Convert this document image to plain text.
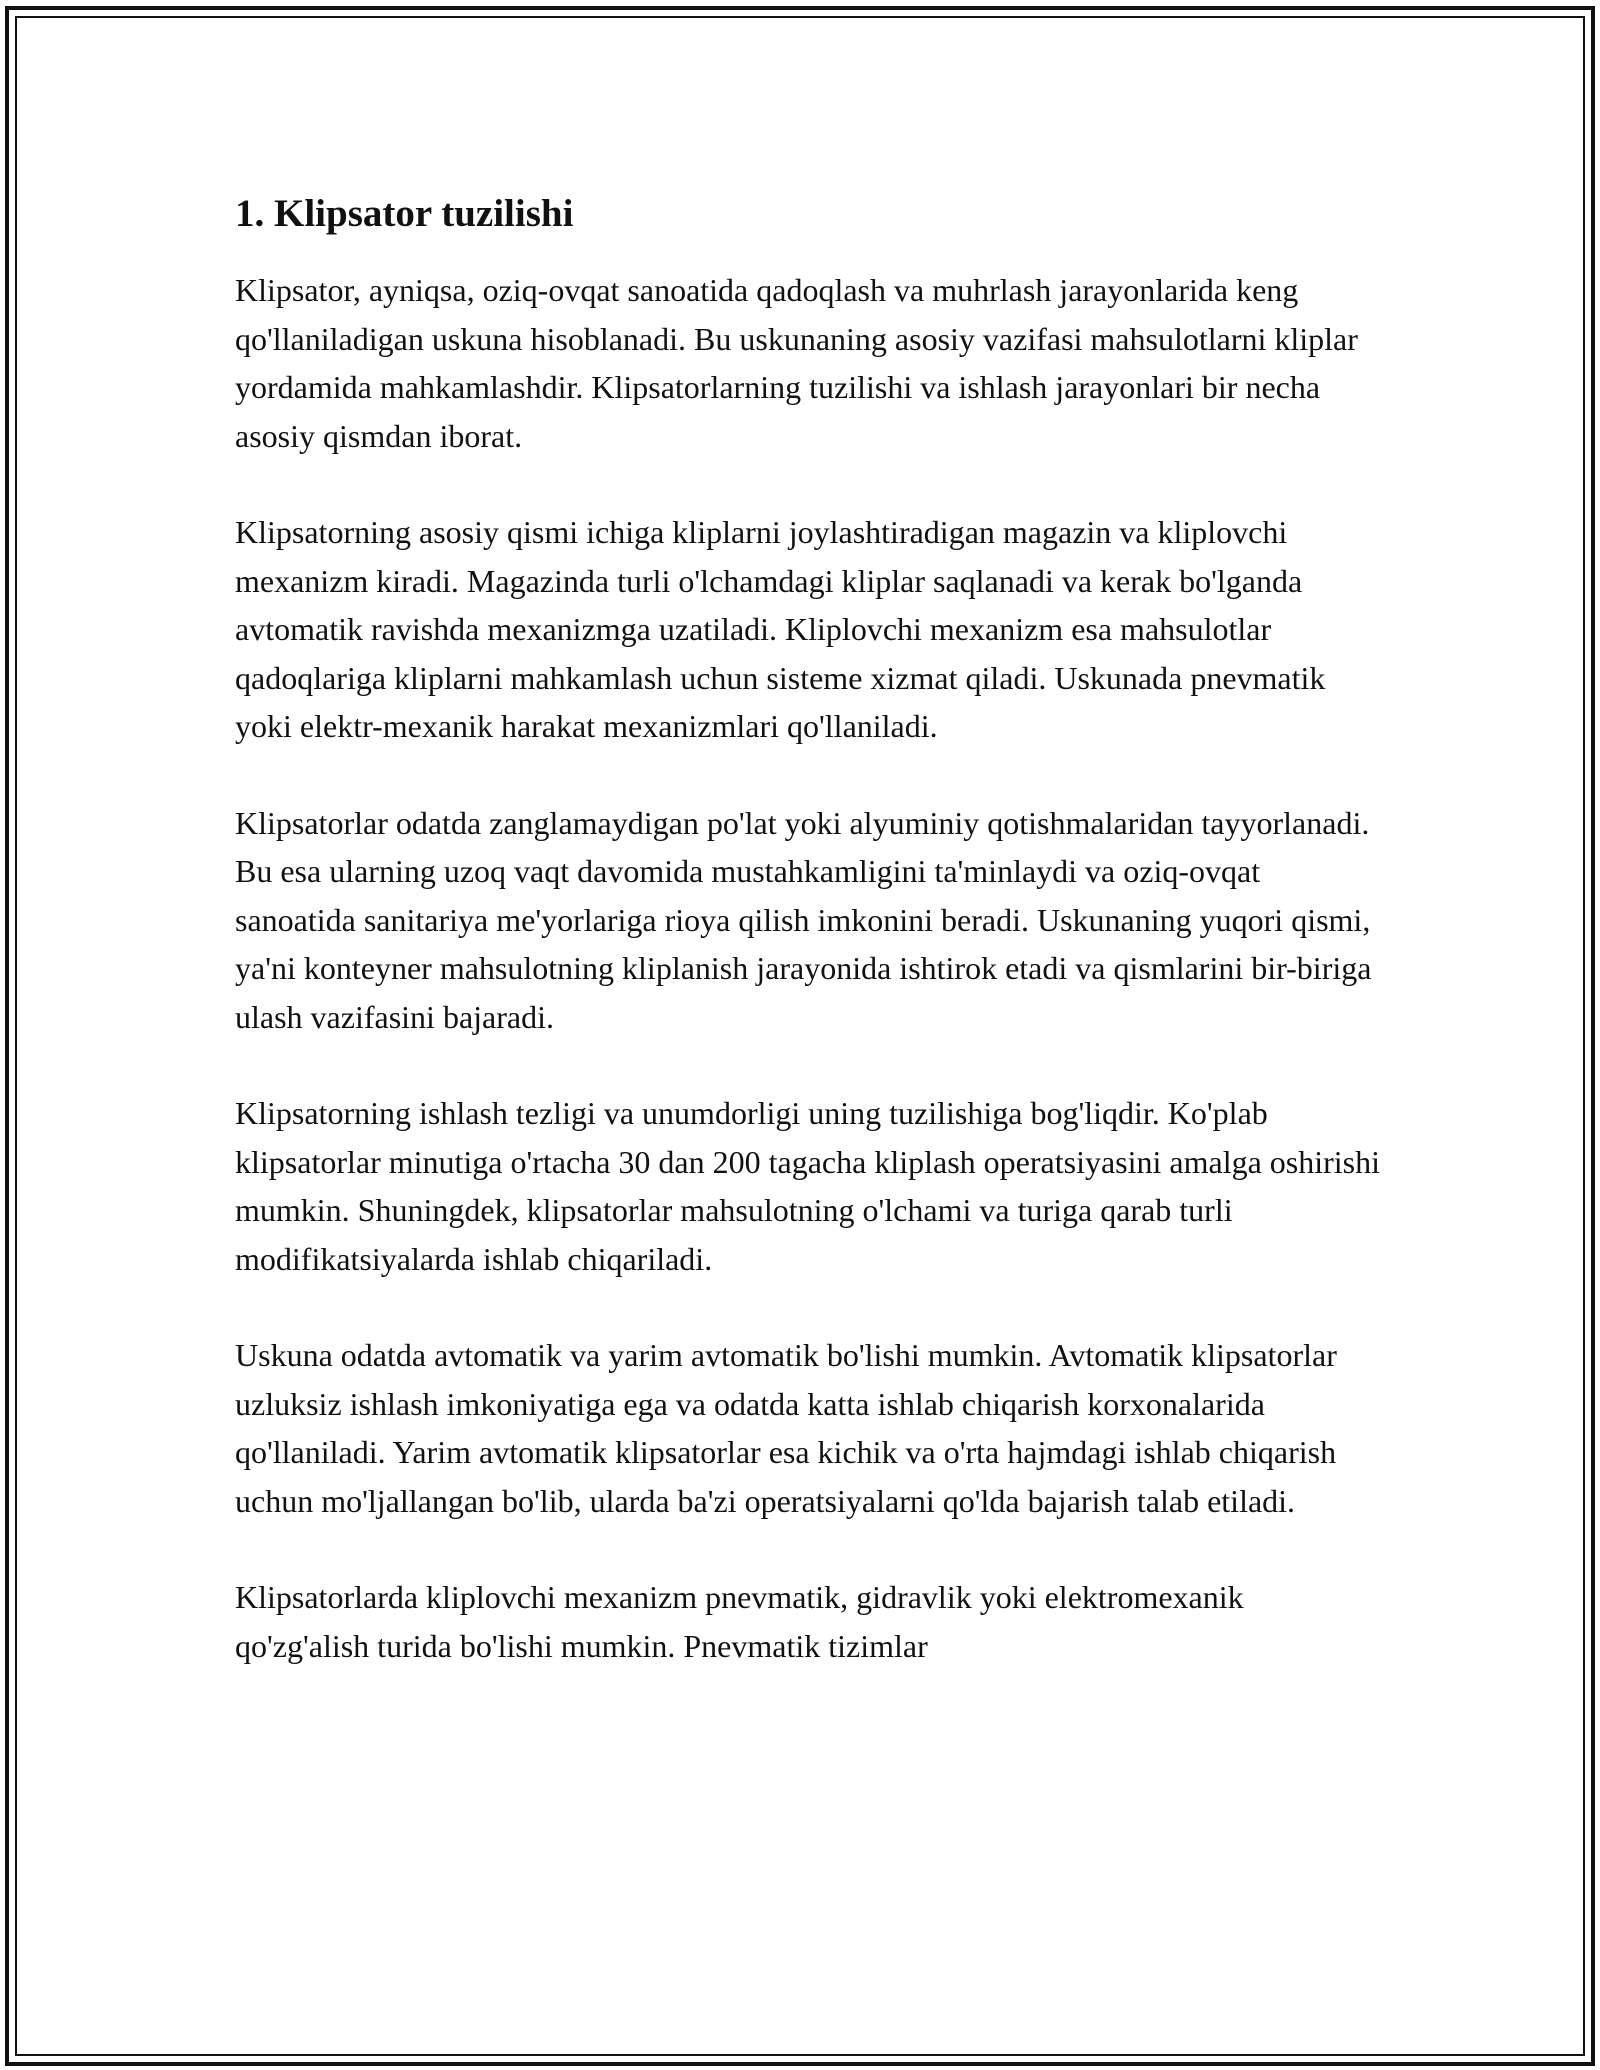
1. Klipsator tuzilishi

Klipsator, ayniqsa, oziq-ovqat sanoatida qadoqlash va muhrlash jarayonlarida keng qo'llaniladigan uskuna hisoblanadi. Bu uskunaning asosiy vazifasi mahsulotlarni kliplar yordamida mahkamlashdir. Klipsatorlarning tuzilishi va ishlash jarayonlari bir necha asosiy qismdan iborat.

Klipsatorning asosiy qismi ichiga kliplarni joylashtiradigan magazin va kliplovchi mexanizm kiradi. Magazinda turli o'lchamdagi kliplar saqlanadi va kerak bo'lganda avtomatik ravishda mexanizmga uzatiladi. Kliplovchi mexanizm esa mahsulotlar qadoqlariga kliplarni mahkamlash uchun sisteme xizmat qiladi. Uskunada pnevmatik yoki elektr-mexanik harakat mexanizmlari qo'llaniladi.

Klipsatorlar odatda zanglamaydigan po'lat yoki alyuminiy qotishmalaridan tayyorlanadi. Bu esa ularning uzoq vaqt davomida mustahkamligini ta'minlaydi va oziq-ovqat sanoatida sanitariya me'yorlariga rioya qilish imkonini beradi. Uskunaning yuqori qismi, ya'ni konteyner mahsulotning kliplanish jarayonida ishtirok etadi va qismlarini bir-biriga ulash vazifasini bajaradi.

Klipsatorning ishlash tezligi va unumdorligi uning tuzilishiga bog'liqdir. Ko'plab klipsatorlar minutiga o'rtacha 30 dan 200 tagacha kliplash operatsiyasini amalga oshirishi mumkin. Shuningdek, klipsatorlar mahsulotning o'lchami va turiga qarab turli modifikatsiyalarda ishlab chiqariladi.

Uskuna odatda avtomatik va yarim avtomatik bo'lishi mumkin. Avtomatik klipsatorlar uzluksiz ishlash imkoniyatiga ega va odatda katta ishlab chiqarish korxonalarida qo'llaniladi. Yarim avtomatik klipsatorlar esa kichik va o'rta hajmdagi ishlab chiqarish uchun mo'ljallangan bo'lib, ularda ba'zi operatsiyalarni qo'lda bajarish talab etiladi.

Klipsatorlarda kliplovchi mexanizm pnevmatik, gidravlik yoki elektromexanik qo'zg'alish turida bo'lishi mumkin. Pnevmatik tizimlar
